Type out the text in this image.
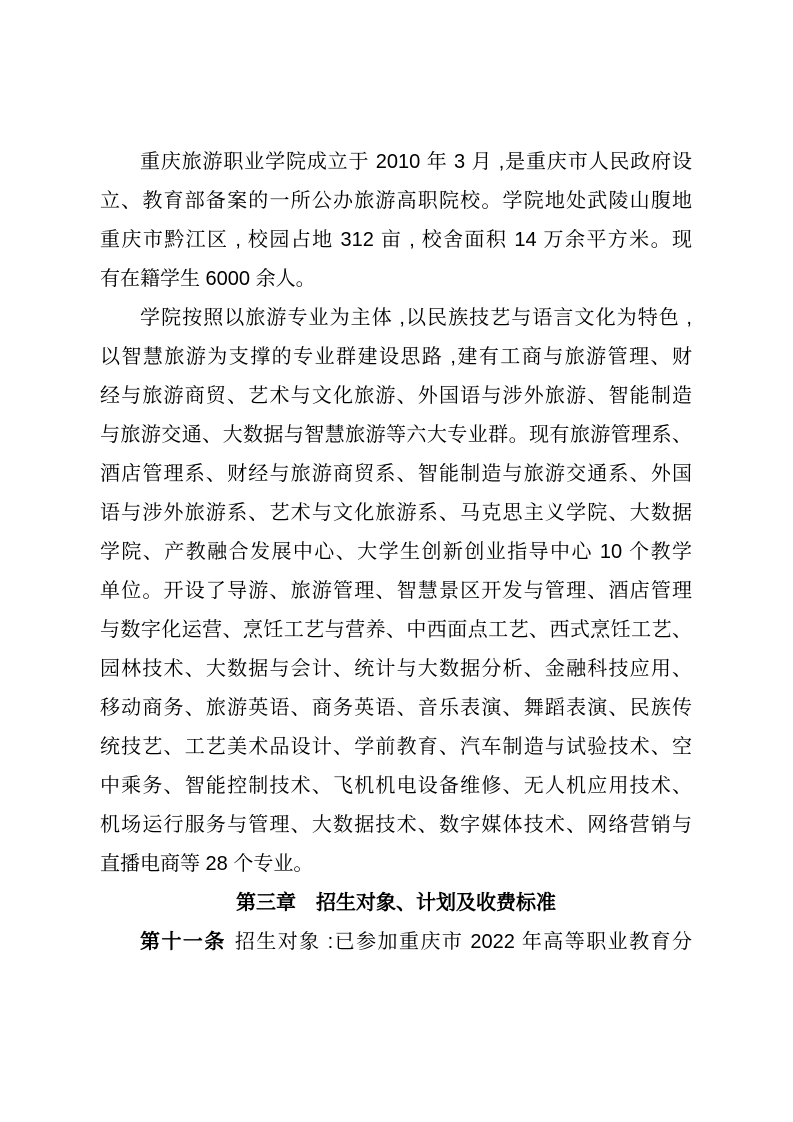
重庆旅游职业学院成立于 2010 年 3 月 ,是重庆市人民政府设
立、教育部备案的一所公办旅游高职院校。学院地处武陵山腹地
重庆市黔江区 , 校园占地 312 亩 , 校舍面积 14 万余平方米。现
有在籍学生 6000 余人。
学院按照以旅游专业为主体 ,以民族技艺与语言文化为特色 ,
以智慧旅游为支撑的专业群建设思路 ,建有工商与旅游管理、财
经与旅游商贸、艺术与文化旅游、外国语与涉外旅游、智能制造
与旅游交通、大数据与智慧旅游等六大专业群。现有旅游管理系、
酒店管理系、财经与旅游商贸系、智能制造与旅游交通系、外国
语与涉外旅游系、艺术与文化旅游系、马克思主义学院、大数据
学院、产教融合发展中心、大学生创新创业指导中心 10 个教学
单位。开设了导游、旅游管理、智慧景区开发与管理、酒店管理
与数字化运营、烹饪工艺与营养、中西面点工艺、西式烹饪工艺、
园林技术、大数据与会计、统计与大数据分析、金融科技应用、
移动商务、旅游英语、商务英语、音乐表演、舞蹈表演、民族传
统技艺、工艺美术品设计、学前教育、汽车制造与试验技术、空
中乘务、智能控制技术、飞机机电设备维修、无人机应用技术、
机场运行服务与管理、大数据技术、数字媒体技术、网络营销与
直播电商等 28 个专业。
第三章　招生对象、计划及收费标准
第十一条 招生对象 :已参加重庆市 2022 年高等职业教育分
